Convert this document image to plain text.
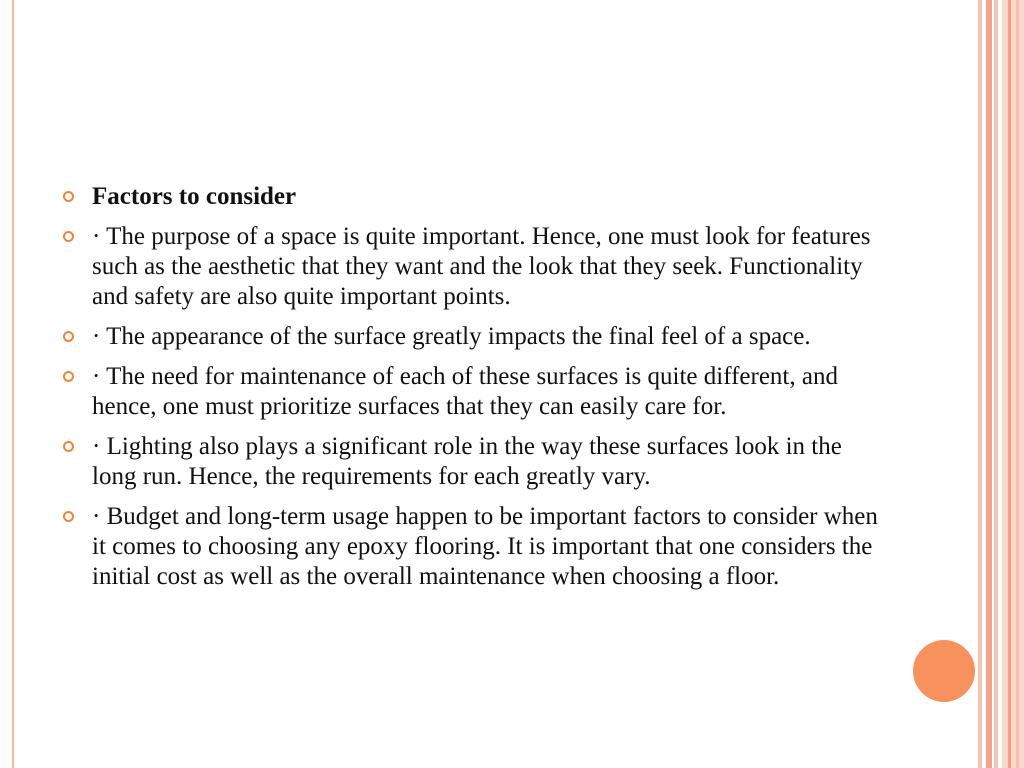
Factors to consider
· The purpose of a space is quite important. Hence, one must look for features such as the aesthetic that they want and the look that they seek. Functionality and safety are also quite important points.
· The appearance of the surface greatly impacts the final feel of a space.
· The need for maintenance of each of these surfaces is quite different, and hence, one must prioritize surfaces that they can easily care for.
· Lighting also plays a significant role in the way these surfaces look in the long run. Hence, the requirements for each greatly vary.
· Budget and long-term usage happen to be important factors to consider when it comes to choosing any epoxy flooring. It is important that one considers the initial cost as well as the overall maintenance when choosing a floor.
